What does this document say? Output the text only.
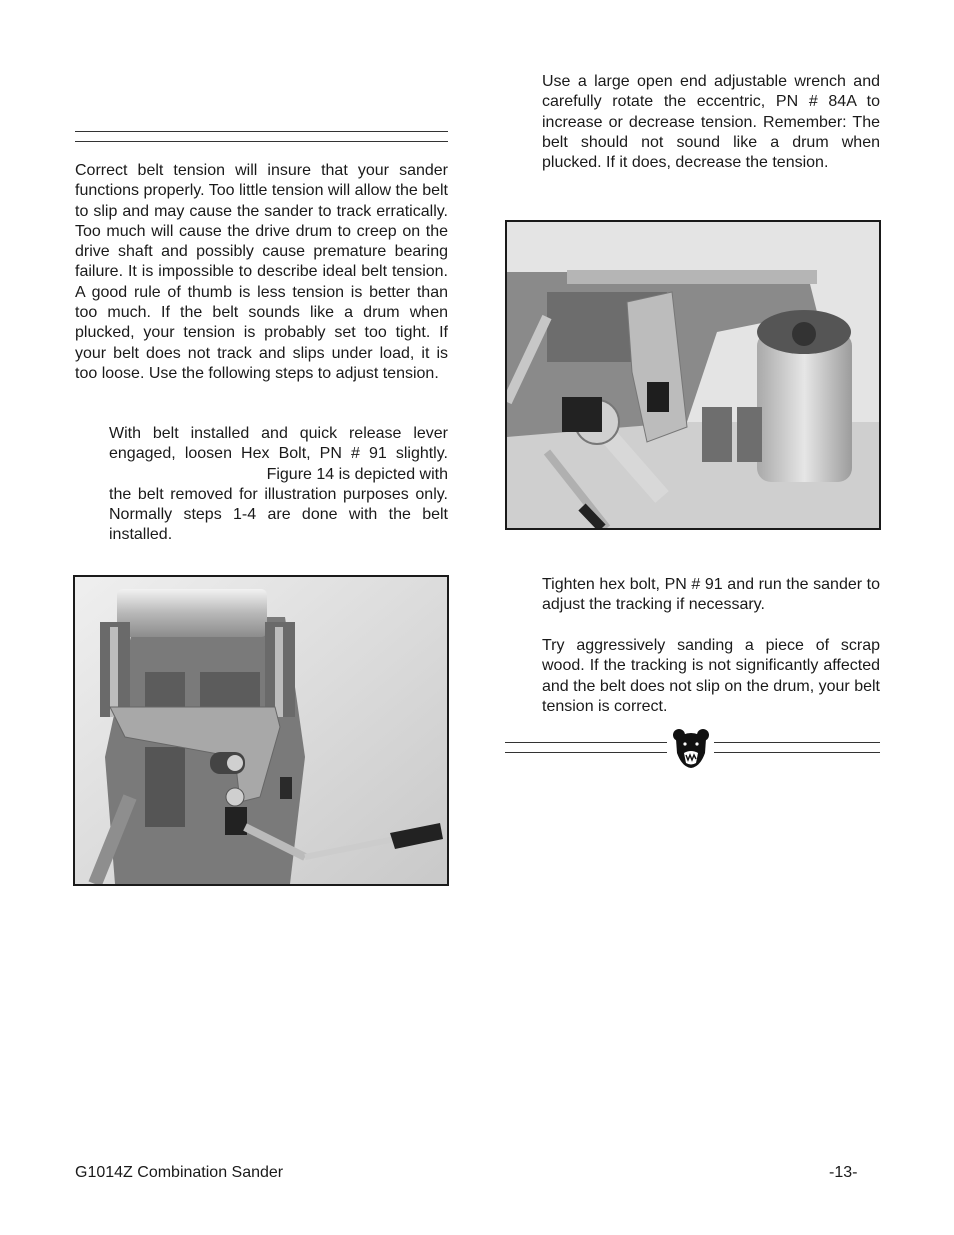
Correct belt tension will insure that your sander functions properly. Too little tension will allow the belt to slip and may cause the sander to track erratically. Too much will cause the drive drum to creep on the drive shaft and possibly cause premature bearing failure. It is impossible to describe ideal belt tension. A good rule of thumb is less tension is better than too much. If the belt sounds like a drum when plucked, your tension is probably set too tight. If your belt does not track and slips under load, it is too loose. Use the following steps to adjust tension.

With belt installed and quick release lever
engaged, loosen Hex Bolt, PN # 91 slightly.
Figure 14 is depicted with
the belt removed for illustration purposes only. Normally steps 1-4 are done with the belt installed.

Use a large open end adjustable wrench and carefully rotate the eccentric, PN # 84A to increase or decrease tension. Remember: The belt should not sound like a drum when plucked. If it does, decrease the tension.

Tighten hex bolt, PN # 91 and run the sander to adjust the tracking if necessary.

Try aggressively sanding a piece of scrap wood. If the tracking is not significantly affected and the belt does not slip on the drum, your belt tension is correct.

G1014Z Combination Sander	-13-
